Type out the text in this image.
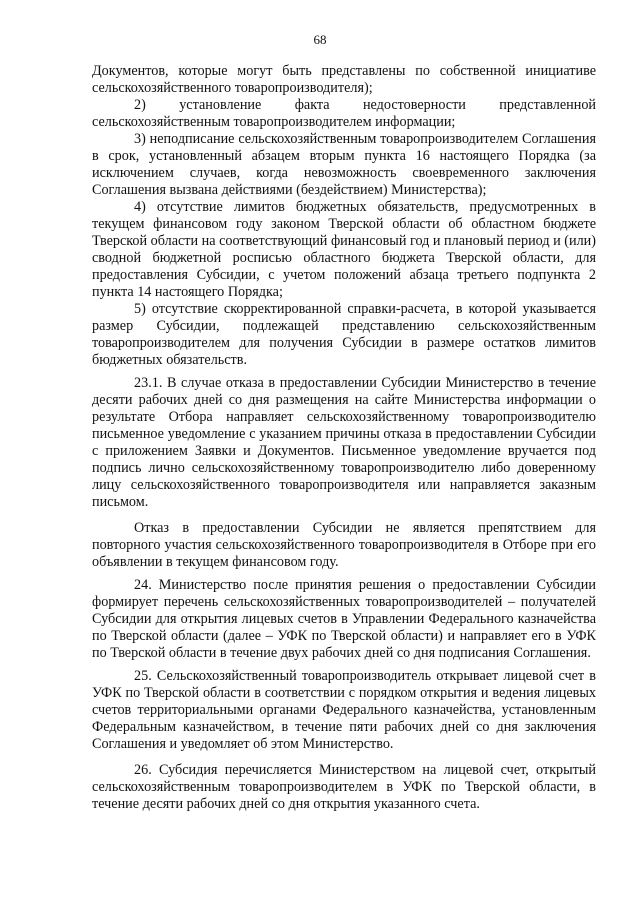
68

Документов, которые могут быть представлены по собственной инициативе сельскохозяйственного товаропроизводителя);

2) установление факта недостоверности представленной сельскохозяйственным товаропроизводителем информации;

3) неподписание сельскохозяйственным товаропроизводителем Соглашения в срок, установленный абзацем вторым пункта 16 настоящего Порядка (за исключением случаев, когда невозможность своевременного заключения Соглашения вызвана действиями (бездействием) Министерства);

4) отсутствие лимитов бюджетных обязательств, предусмотренных в текущем финансовом году законом Тверской области об областном бюджете Тверской области на соответствующий финансовый год и плановый период и (или) сводной бюджетной росписью областного бюджета Тверской области, для предоставления Субсидии, с учетом положений абзаца третьего подпункта 2 пункта 14 настоящего Порядка;

5) отсутствие скорректированной справки-расчета, в которой указывается размер Субсидии, подлежащей представлению сельскохозяйственным товаропроизводителем для получения Субсидии в размере остатков лимитов бюджетных обязательств.

23.1. В случае отказа в предоставлении Субсидии Министерство в течение десяти рабочих дней со дня размещения на сайте Министерства информации о результате Отбора направляет сельскохозяйственному товаропроизводителю письменное уведомление с указанием причины отказа в предоставлении Субсидии с приложением Заявки и Документов. Письменное уведомление вручается под подпись лично сельскохозяйственному товаропроизводителю либо доверенному лицу сельскохозяйственного товаропроизводителя или направляется заказным письмом.

Отказ в предоставлении Субсидии не является препятствием для повторного участия сельскохозяйственного товаропроизводителя в Отборе при его объявлении в текущем финансовом году.

24. Министерство после принятия решения о предоставлении Субсидии формирует перечень сельскохозяйственных товаропроизводителей – получателей Субсидии для открытия лицевых счетов в Управлении Федерального казначейства по Тверской области (далее – УФК по Тверской области) и направляет его в УФК по Тверской области в течение двух рабочих дней со дня подписания Соглашения.

25. Сельскохозяйственный товаропроизводитель открывает лицевой счет в УФК по Тверской области в соответствии с порядком открытия и ведения лицевых счетов территориальными органами Федерального казначейства, установленным Федеральным казначейством, в течение пяти рабочих дней со дня заключения Соглашения и уведомляет об этом Министерство.

26. Субсидия перечисляется Министерством на лицевой счет, открытый сельскохозяйственным товаропроизводителем в УФК по Тверской области, в течение десяти рабочих дней со дня открытия указанного счета.
